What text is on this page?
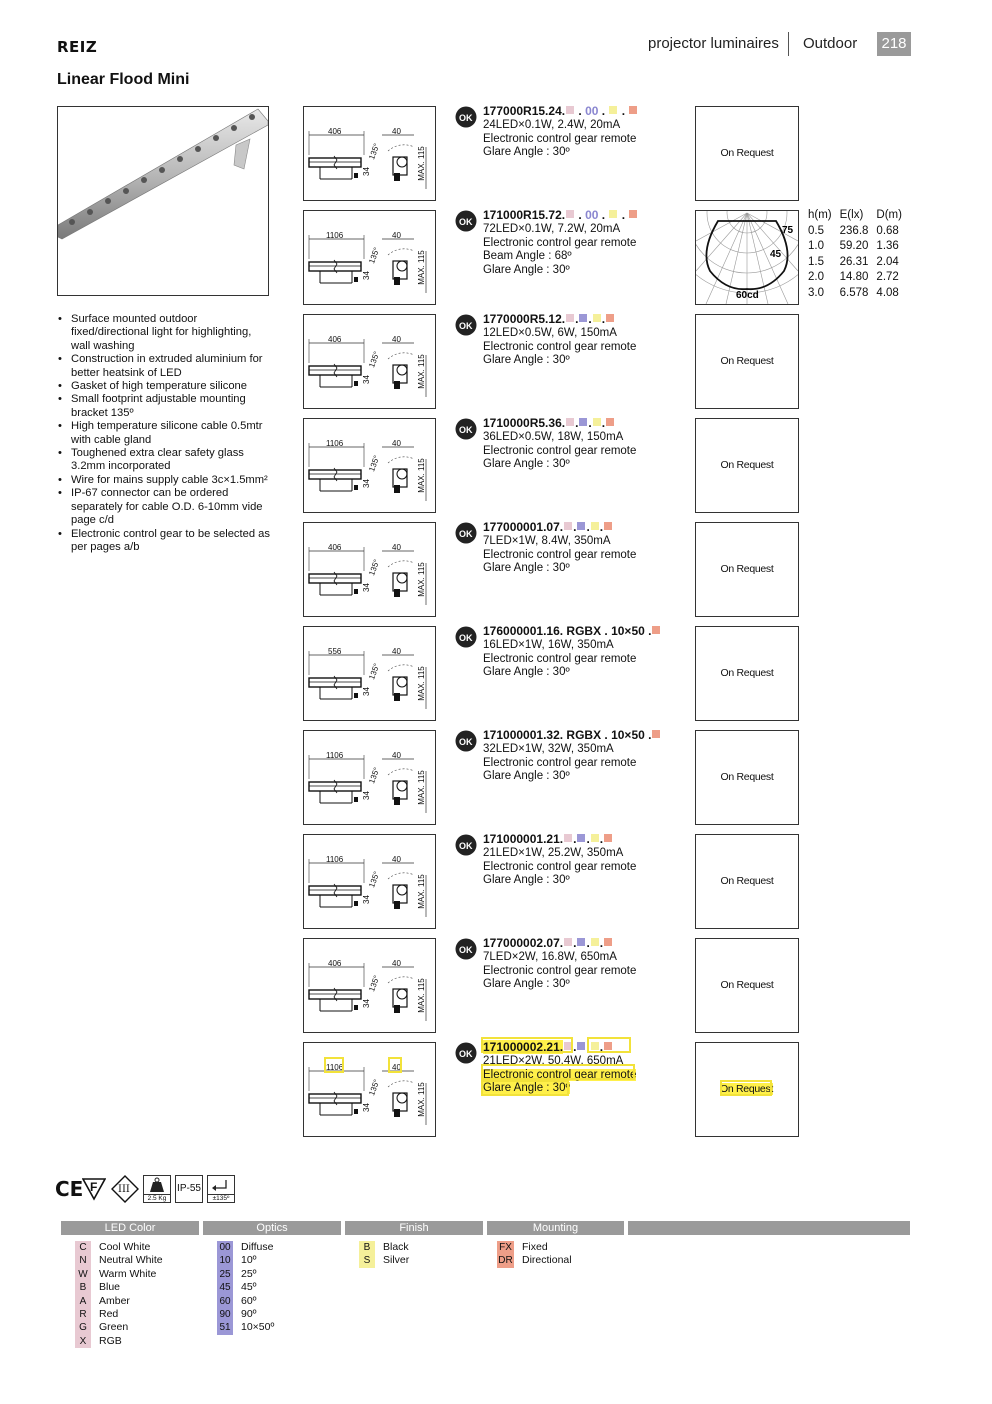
REIZ	projector luminaires Outdoor 218
Linear Flood Mini
• Surface mounted outdoor fixed/directional light for highlighting, wall washing
• Construction in extruded aluminium for better heatsink of LED
• Gasket of high temperature silicone
• Small footprint adjustable mounting bracket 135º
• High temperature silicone cable 0.5mtr with cable gland
• Toughened extra clear safety glass 3.2mm incorporated
• Wire for mains supply cable 3c×1.5mm²
• IP-67 connector can be ordered separately for cable O.D. 6-10mm vide page c/d
• Electronic control gear to be selected as per pages a/b
406	40
34
135°	MAX. 115
OK 177000R15.24. . 00 .  .
24LED×0.1W, 2.4W, 20mA
Electronic control gear remote
Glare Angle : 30º	On Request
1106	40
34
135°	MAX. 115
OK 171000R15.72. . 00 .  .
72LED×0.1W, 7.2W, 20mA
Electronic control gear remote
Beam Angle : 68º
Glare Angle : 30º
406	40
34
135°	MAX. 115
OK 1770000R5.12. . . .
12LED×0.5W, 6W, 150mA
Electronic control gear remote
Glare Angle : 30º	On Request
1106	40
34
135°	MAX. 115
OK 1710000R5.36. . . .
36LED×0.5W, 18W, 150mA
Electronic control gear remote
Glare Angle : 30º	On Request
406	40
34
135°	MAX. 115
OK 177000001.07. . . .
7LED×1W, 8.4W, 350mA
Electronic control gear remote
Glare Angle : 30º	On Request
556	40
34
135°	MAX. 115
OK 176000001.16. RGBX . 10×50 .
16LED×1W, 16W, 350mA
Electronic control gear remote
Glare Angle : 30º	On Request
1106	40
34
135°	MAX. 115
OK 171000001.32. RGBX . 10×50 .
32LED×1W, 32W, 350mA
Electronic control gear remote
Glare Angle : 30º	On Request
1106	40
34
135°	MAX. 115
OK 171000001.21. . . .
21LED×1W, 25.2W, 350mA
Electronic control gear remote
Glare Angle : 30º	On Request
406	40
34
135°	MAX. 115
OK 177000002.07. . . .
7LED×2W, 16.8W, 650mA
Electronic control gear remote
Glare Angle : 30º	On Request
1106	40
34
135°	MAX. 115
OK 171000002.21. . . .
21LED×2W, 50.4W, 650mA
Electronic control gear remote
Glare Angle : 30º	On Request
75
45
60cd
h(m)	E(lx)	D(m)
0.5	236.8	0.68
1.0	59.20	1.36
1.5	26.31	2.04
2.0	14.80	2.72
3.0	6.578	4.08
CE F III
2.5 Kg
IP-55
±135º
LED Color	Optics	Finish	Mounting
C Cool White
N Neutral White
W Warm White
B Blue
A Amber
R Red
G Green
X RGB
00 Diffuse
10 10º
25 25º
45 45º
60 60º
90 90º
51 10×50º
B Black
S Silver
FX Fixed
DR Directional
